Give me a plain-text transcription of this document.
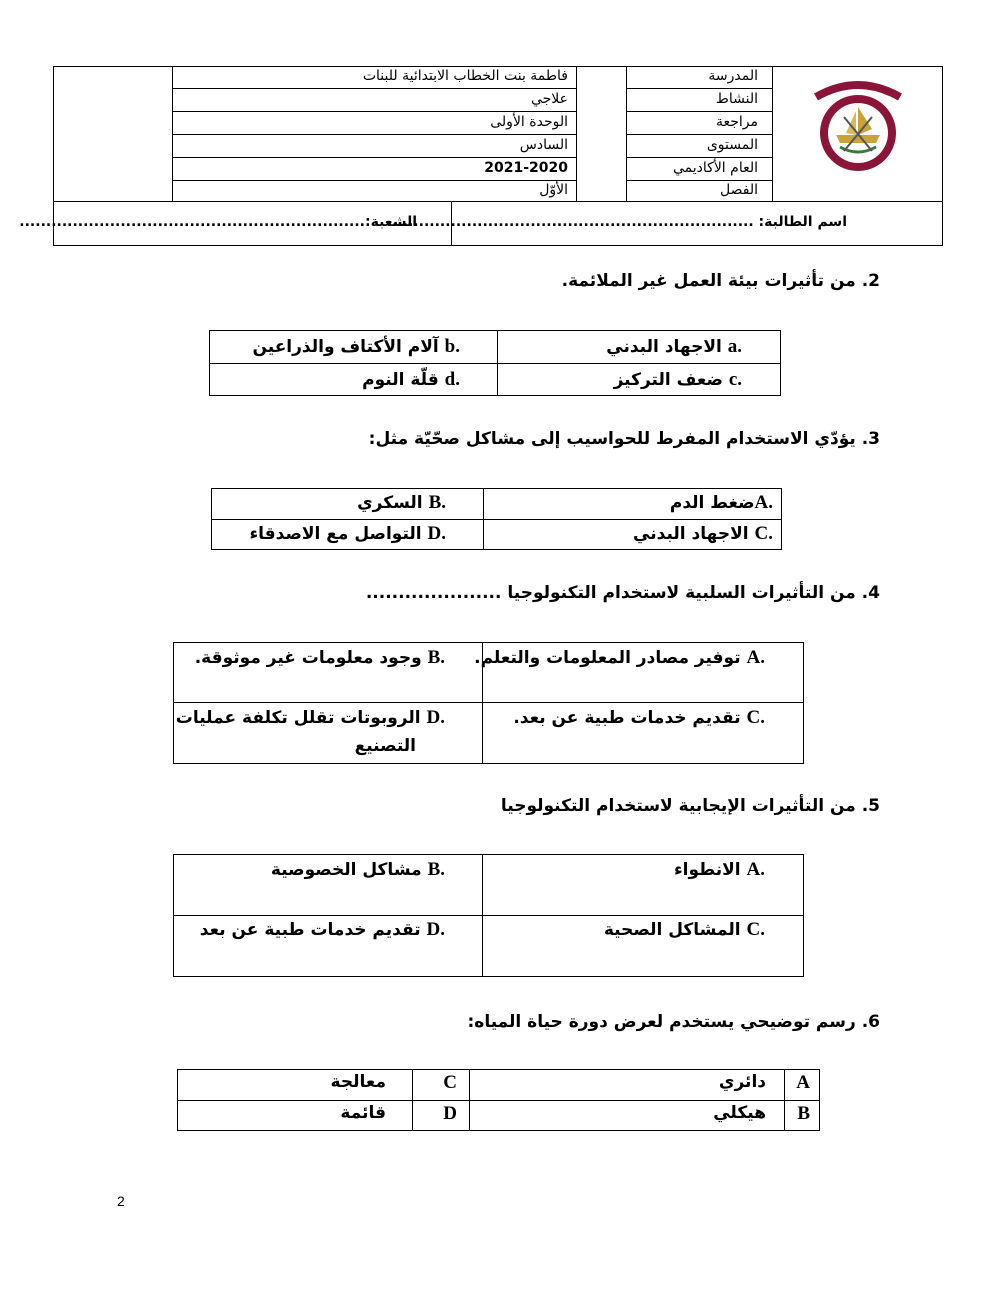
المدرسة
النشاط
مراجعة
المستوى
العام الأكاديمي
الفصل
فاطمة بنت الخطاب الابتدائية للبنات
علاجي
الوحدة الأولى
السادس
2021-2020
الأوّل
اسم الطالبة: .....................................................................
الشعبة:.................................................................
2. من تأثيرات بيئة العمل غير الملائمة.
a. الاجهاد البدني
b. آلام الأكتاف والذراعين
c. ضعف التركيز
d. قلّة النوم
3. يؤدّي الاستخدام المفرط للحواسيب إلى مشاكل صحّيّة مثل:
A.ضغط الدم
B. السكري
C. الاجهاد البدني
D. التواصل مع الاصدقاء
4. من التأثيرات السلبية لاستخدام التكنولوجيا .....................
A. توفير مصادر المعلومات والتعلم.
B. وجود معلومات غير موثوقة.
C. تقديم خدمات طبية عن بعد.
D. الروبوتات تقلل تكلفة عمليات
التصنيع
5. من التأثيرات الإيجابية لاستخدام التكنولوجيا
A. الانطواء
B. مشاكل الخصوصية
C. المشاكل الصحية
D. تقديم خدمات طبية عن بعد
6. رسم توضيحي يستخدم لعرض دورة حياة المياه:
A
دائري
B
هيكلي
C
معالجة
D
قائمة
2
